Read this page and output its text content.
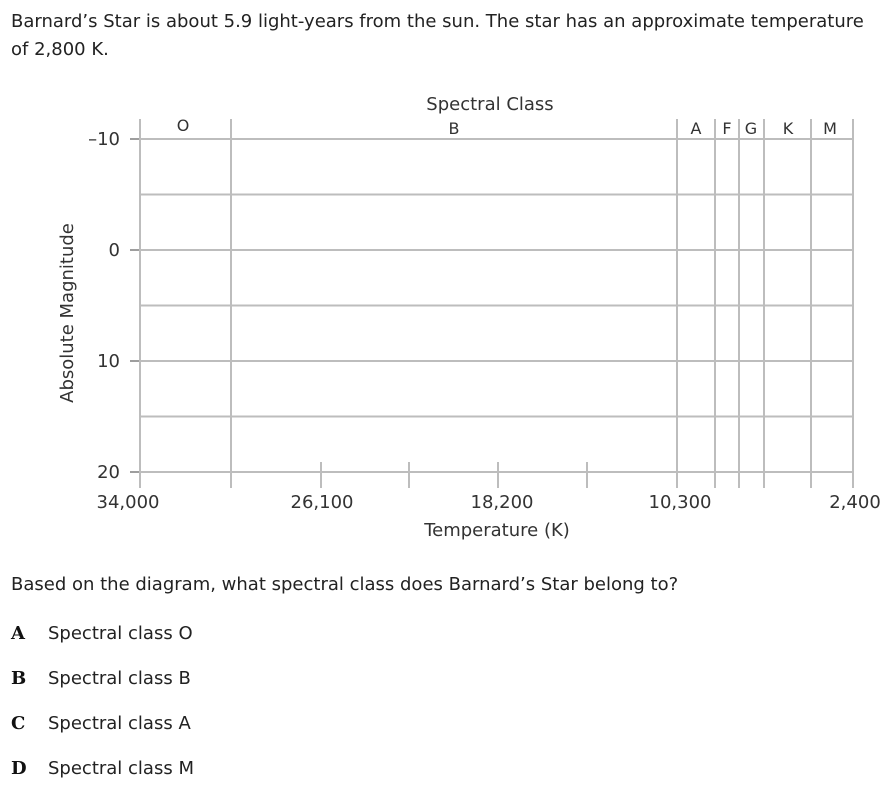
Barnard’s Star is about 5.9 light-years from the sun. The star has an approximate temperature of 2,800 K.

Spectral Class
O	B	A F G K M
34,000	26,100	18,200	10,300	2,400
–10
0
10
20
Temperature (K)
Absolute Magnitude

Based on the diagram, what spectral class does Barnard’s Star belong to?

A	Spectral class O
B	Spectral class B
C	Spectral class A
D	Spectral class M
